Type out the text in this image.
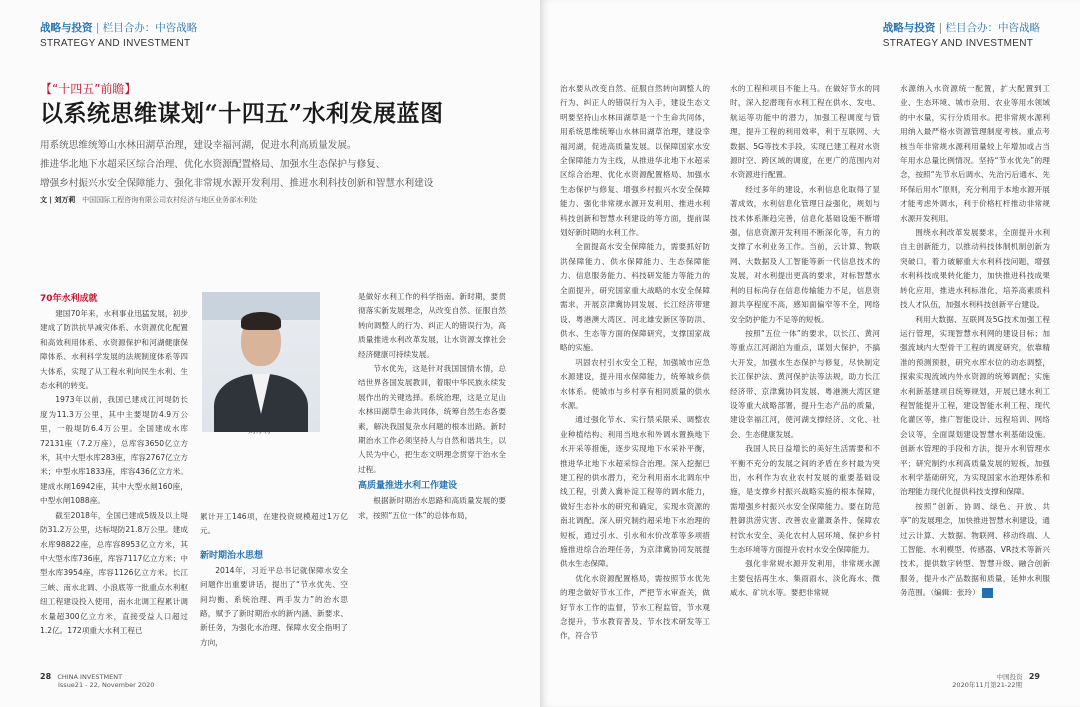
战略与投资 | 栏目合办：中咨战略
STRATEGY AND INVESTMENT
【“十四五”前瞻】
以系统思维谋划“十四五”水利发展蓝图
用系统思维统筹山水林田湖草治理，建设幸福河湖，促进水利高质量发展。
推进华北地下水超采区综合治理、优化水资源配置格局、加强水生态保护与修复、
增强乡村振兴水安全保障能力、强化非常规水源开发利用、推进水利科技创新和智慧水利建设
文 | 刘万莉 中国国际工程咨询有限公司农村经济与地区业务部水利处
70年水利成就

建国70年来，水利事业迅猛发展，初步建成了防洪抗旱减灾体系、水资源优化配置和高效利用体系、水资源保护和河湖健康保障体系、水利科学发展的法规制度体系等四大体系，实现了从工程水利向民生水利、生态水利的转变。

1973年以前，我国已建成江河堤防长度为11.3万公里，其中主要堤防4.9万公里，一般堤防6.4万公里。全国建成水库72131座（7.2万座），总库容3650亿立方米，其中大型水库283座，库容2767亿立方米；中型水库1833座，库容436亿立方米。建成水闸16942座，其中大型水闸160座，中型水闸1088座。

截至2018年，全国已建成5级及以上堤防31.2万公里，达标堤防21.8万公里。建成水库98822座，总库容8953亿立方米，其中大型水库736座，库容7117亿立方米；中型水库3954座，库容1126亿立方米。长江三峡、南水北调、小浪底等一批重点水利枢纽工程建设投入使用，南水北调工程累计调水量超300亿立方米，直接受益人口超过1.2亿。172项重大水利工程已

刘万莉

累计开工146项，在建投资规模超过1万亿元。

新时期治水思想

2014年，习近平总书记就保障水安全问题作出重要讲话，提出了“节水优先、空间均衡、系统治理、两手发力”的治水思路，赋予了新时期治水的新内涵、新要求、新任务，为强化水治理、保障水安全指明了方向，

是做好水利工作的科学指南。新时期，要贯彻落实新发展理念，从改变自然、征服自然转向调整人的行为、纠正人的错误行为，高质量推进水利改革发展，让水资源支撑社会经济健康可持续发展。

节水优先，这是针对我国国情水情，总结世界各国发展教训，着眼中华民族永续发展作出的关键选择。系统治理，这是立足山水林田湖草生命共同体，统筹自然生态各要素，解决我国复杂水问题的根本出路。新时期治水工作必须坚持人与自然和谐共生，以人民为中心，把生态文明理念贯穿于治水全过程。

高质量推进水利工作建设

根据新时期治水思路和高质量发展的要求，按照“五位一体”的总体布局，

28 CHINA INVESTMENT
Issue21 - 22, November 2020
战略与投资 | 栏目合办：中咨战略
STRATEGY AND INVESTMENT

治水要从改变自然、征服自然转向调整人的行为、纠正人的错误行为入手，建设生态文明要坚持山水林田湖草是一个生命共同体，用系统思维统筹山水林田湖草治理，建设幸福河湖，促进高质量发展。以保障国家水安全保障能力为主线，从推进华北地下水超采区综合治理、优化水资源配置格局、加强水生态保护与修复、增强乡村振兴水安全保障能力、强化非常规水源开发利用、推进水利科技创新和智慧水利建设的等方面，提前谋划好新时期的水利工作。

全面提高水安全保障能力，需要抓好防洪保障能力、供水保障能力、生态保障能力、信息服务能力、科技研发能力等能力的全面提升，研究国家重大战略的水安全保障需求，开展京津冀协同发展、长江经济带建设、粤港澳大湾区、河北雄安新区等防洪、供水、生态等方面的保障研究，支撑国家战略的实施。

巩固农村引水安全工程，加强城市应急水源建设，提升用水保障能力，统筹城乡供水体系。使城市与乡村享有相同质量的供水水源。

通过强化节水、实行禁采限采、调整农业种植结构、利用当地水和外调水置换地下水开采等措施，逐步实现地下水采补平衡，推进华北地下水超采综合治理。深入挖掘已建工程的供水潜力，充分利用南水北调东中线工程，引黄入冀补淀工程等的调水能力，做好生态补水的研究和确定，实现水资源的南北调配。深入研究制约超采地下水治理的短板，通过引水、引水和水价改革等多项措施推进综合治理任务，为京津冀协同发展提供水生态保障。

优化水资源配置格局，需按照节水优先的理念做好节水工作，严把节水审查关，做好节水工作的监督，节水工程监管，节水观念提升，节水教育普及、节水技术研发等工作，符合节

水的工程和项目不能上马。在做好节水的同时，深入挖潜现有水利工程在供水、发电、航运等功能中的潜力，加强工程调度与管理，提升工程的利用效率，利于互联网、大数据、5G等技术手段，实现已建工程对水资源时空、跨区域的调度，在更广的范围内对水资源进行配置。

经过多年的建设，水利信息化取得了显著成效，水利信息化管理日益强化，规划与技术体系渐趋完善，信息化基础设施不断增强，信息资源开发利用不断深化等，有力的支撑了水利业务工作。当前，云计算、物联网、大数据及人工智能等新一代信息技术的发展，对水利提出更高的要求，对标智慧水利的目标尚存在信息传输能力不足，信息资源共享程度不高，感知面偏窄等不全，网络安全防护能力不足等的短板。

按照“五位一体”的要求，以长江、黄河等重点江河湖泊为重点，谋划大保护，不搞大开发，加强水生态保护与修复，尽快制定长江保护法、黄河保护法等法规，助力长江经济带、京津冀协同发展、粤港澳大湾区建设等重大战略部署，提升生态产品的质量，建设幸福江河，使河湖支撑经济、文化、社会、生态健康发展。

我国人民日益增长的美好生活需要和不平衡不充分的发展之间的矛盾在乡村最为突出，水利作为农业农村发展的重要基础设施，是支撑乡村振兴战略实施的根本保障，需增强乡村振兴水安全保障能力。要在防范胜御洪涝灾害、改善农业灌溉条件、保障农村饮水安全、美化农村人居环境、保护乡村生态环境等方面提升农村水安全保障能力。

强化非常规水源开发利用，非常规水源主要包括再生水、集雨雨水、淡化海水、微咸水、矿坑水等。要把非常规

水源纳入水资源统一配置，扩大配置到工业、生态环境、城市杂用、农业等用水领域的中水量，实行分质用水。把非常规水源利用纳入最严格水资源管理制度考核。重点考核当年非常规水源利用量较上年增加或占当年用水总量比例情况。坚持“节水优先”的理念，按照“先节水后调水、先治污后通水、先环保后用水”原则，充分利用于本地水源开展才能考虑外调水，利于价格杠杆推动非常规水源开发利用。

围绕水利改革发展要求，全面提升水利自主创新能力，以推动科技体制机制创新为突破口，着力破解重大水利科技问题，增强水利科技成果转化能力，加快推进科技成果转化应用，推进水利标准化，培养高素质科技人才队伍，加强水利科技创新平台建设。

利用大数据、互联网及5G技术加强工程运行管理，实现智慧水利网的建设目标；加强流域内大型骨干工程的调度研究，依靠精准的预测预报，研究水库水位的动态调整，探索实现流域内外水资源的统筹调配；实施水利新基建项目统筹规划，开展已建水利工程智能提升工程，建设智能水利工程、现代化灌区等，推广智能设计、远程培训、网络会议等，全面谋划建设智慧水利基础设施。创新水管理的手段和方法，提升水利管理水平；研究制约水利高质量发展的短板，加强水利学基础研究，为实现国家水治理体系和治理能力现代化提供科技支撑和保障。

按照“创新、协调、绿色、开放、共享”的发展理念，加快推进智慧水利建设，通过云计算、大数据、物联网、移动终端、人工智能、水利模型、传感器、VR技术等新兴技术，提供数字转型、智慧升级、融合创新服务，提升水产品数据和质量，延伸水利服务范围。（编辑：张玲）	12

中国投资 29
2020年11月第21-22期
